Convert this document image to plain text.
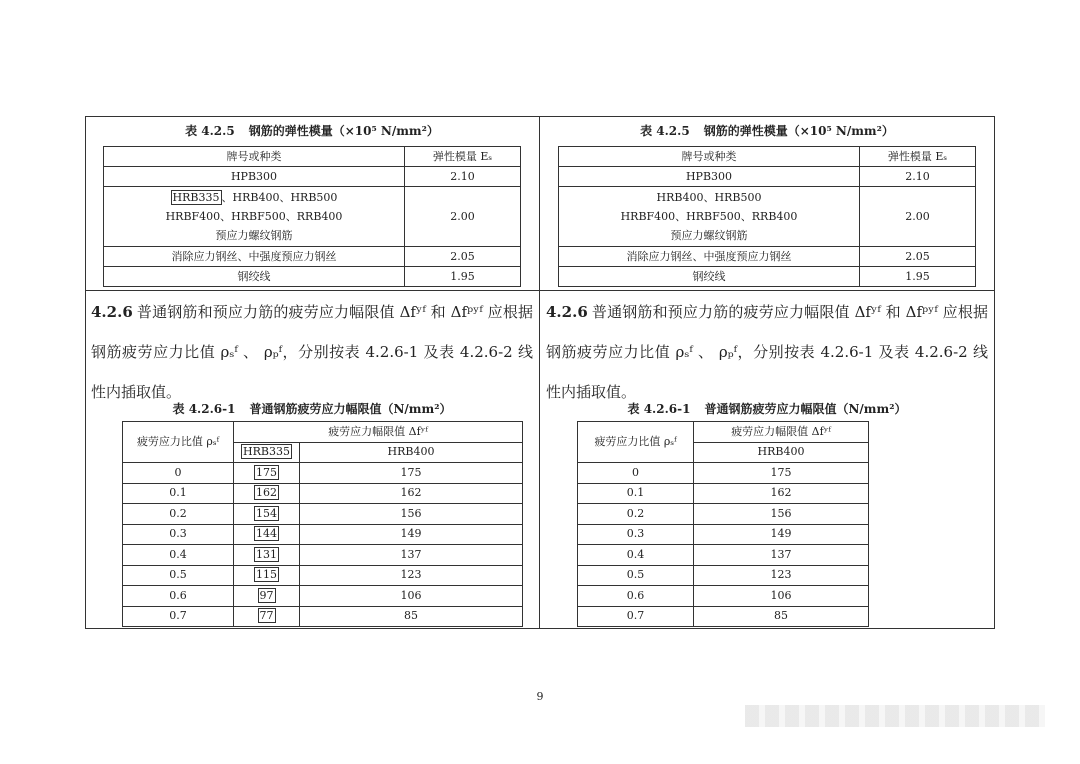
表 4.2.5 钢筋的弹性模量（×10⁵ N/mm²）
牌号或种类	弹性模量 Eₛ
HPB300	2.10

HRB335 、HRB400、HRB500
HRBF400、HRBF500、RRB400
预应力螺纹钢筋	2.00
消除应力钢丝、中强度预应力钢丝	2.05
钢绞线	1.95
4.2.6 普通钢筋和预应力筋的疲劳应力幅限值 Δfʸᶠ 和 Δfᵖʸᶠ 应根据钢筋疲劳应力比值 ρₛᶠ 、 ρₚᶠ，分别按表 4.2.6-1 及表 4.2.6-2 线性内插取值。
表 4.2.6-1 普通钢筋疲劳应力幅限值（N/mm²）
疲劳应力比值 ρₛᶠ	疲劳应力幅限值 Δfʸᶠ	
	HRB335	HRB400
0	175	175
0.1	162	162
0.2	154	156
0.3	144	149
0.4	131	137
0.5	115	123
0.6	97	106
0.7	77	85
表 4.2.5 钢筋的弹性模量（×10⁵ N/mm²）
牌号或种类	弹性模量 Eₛ
HPB300	2.10

HRB400、HRB500
HRBF400、HRBF500、RRB400
预应力螺纹钢筋	2.00
消除应力钢丝、中强度预应力钢丝	2.05
钢绞线	1.95
4.2.6 普通钢筋和预应力筋的疲劳应力幅限值 Δfʸᶠ 和 Δfᵖʸᶠ 应根据钢筋疲劳应力比值 ρₛᶠ 、 ρₚᶠ，分别按表 4.2.6-1 及表 4.2.6-2 线性内插取值。
表 4.2.6-1 普通钢筋疲劳应力幅限值（N/mm²）
疲劳应力比值 ρₛᶠ	疲劳应力幅限值 Δfʸᶠ
	HRB400
0	175
0.1	162
0.2	156
0.3	149
0.4	137
0.5	123
0.6	106
0.7	85
9
